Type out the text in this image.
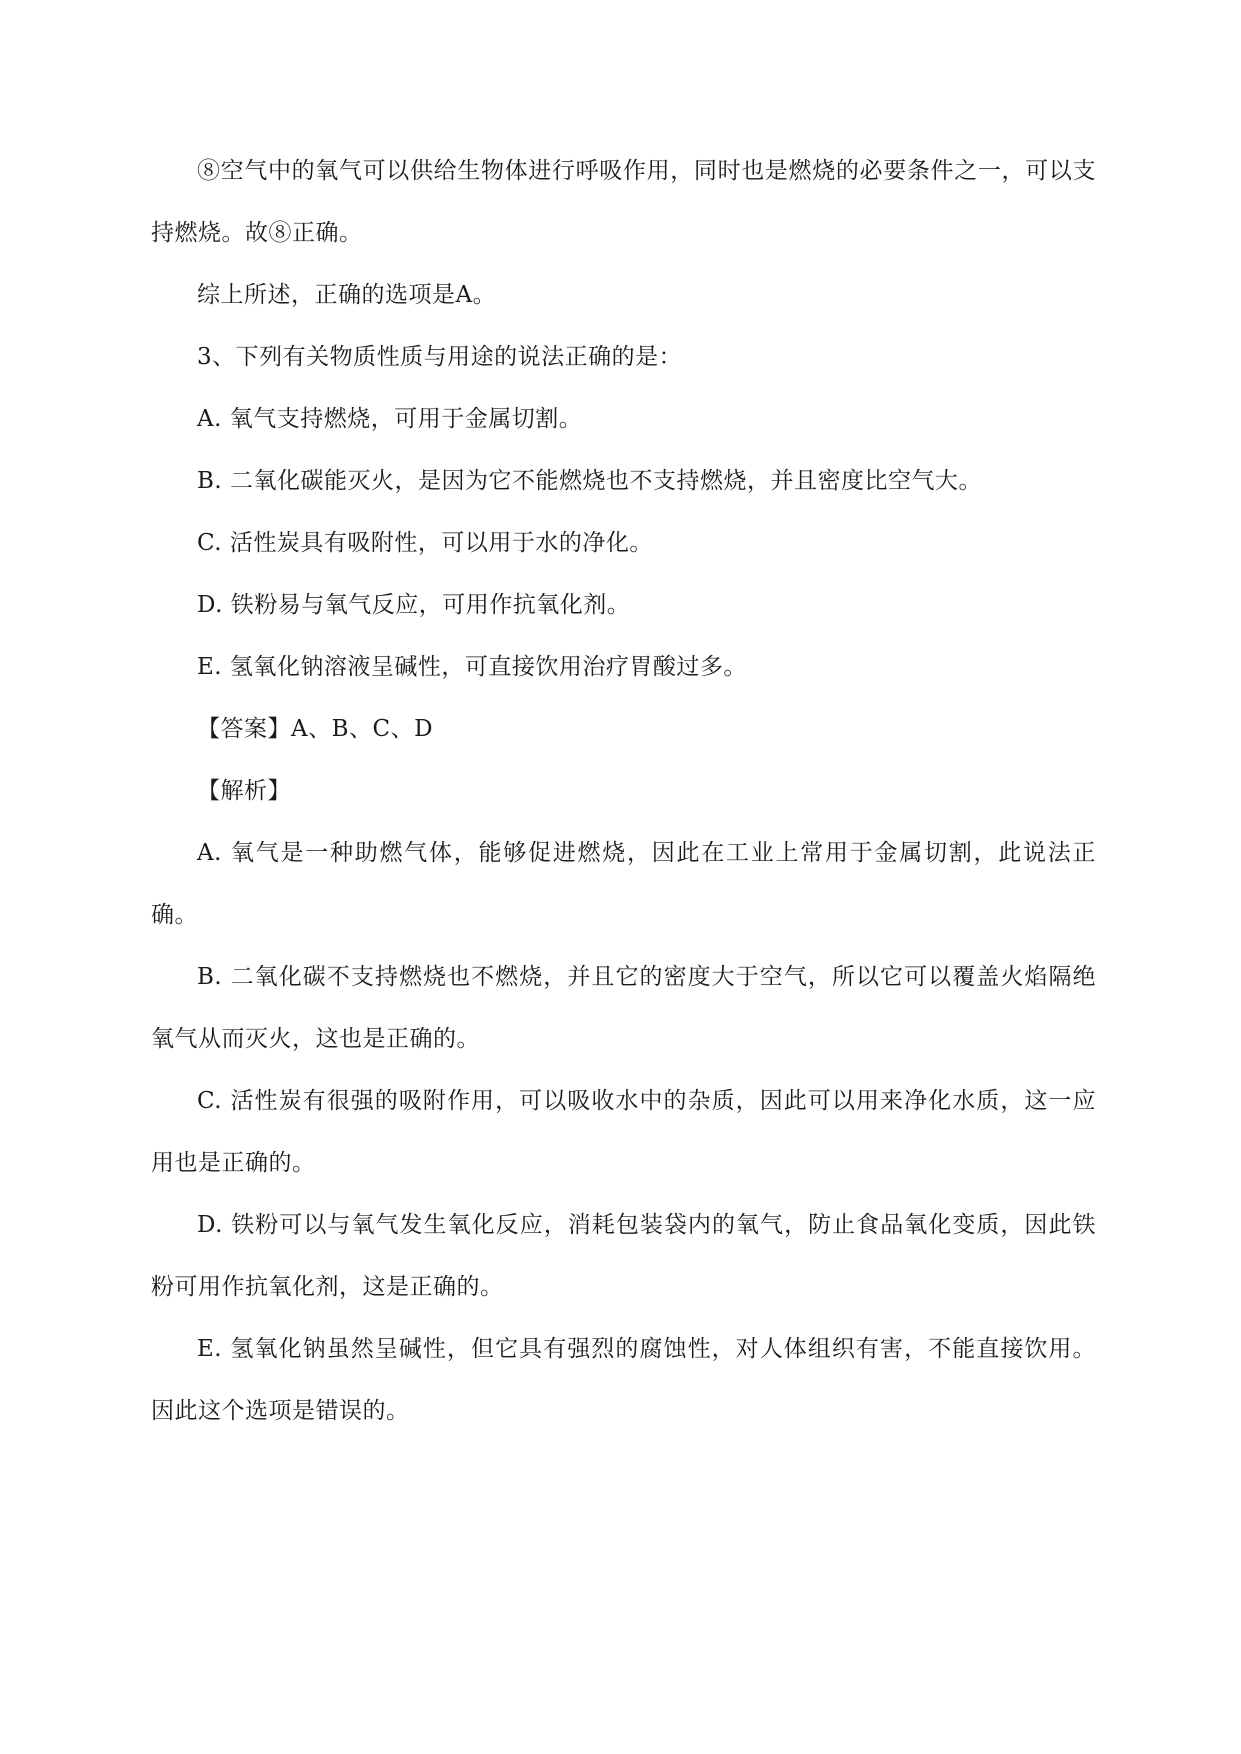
⑧空气中的氧气可以供给生物体进行呼吸作用，同时也是燃烧的必要条件之一，可以支持燃烧。故⑧正确。

综上所述，正确的选项是A。

3、下列有关物质性质与用途的说法正确的是：

A. 氧气支持燃烧，可用于金属切割。

B. 二氧化碳能灭火，是因为它不能燃烧也不支持燃烧，并且密度比空气大。

C. 活性炭具有吸附性，可以用于水的净化。

D. 铁粉易与氧气反应，可用作抗氧化剂。

E. 氢氧化钠溶液呈碱性，可直接饮用治疗胃酸过多。

【答案】A、B、C、D

【解析】

A. 氧气是一种助燃气体，能够促进燃烧，因此在工业上常用于金属切割，此说法正确。

B. 二氧化碳不支持燃烧也不燃烧，并且它的密度大于空气，所以它可以覆盖火焰隔绝氧气从而灭火，这也是正确的。

C. 活性炭有很强的吸附作用，可以吸收水中的杂质，因此可以用来净化水质，这一应用也是正确的。

D. 铁粉可以与氧气发生氧化反应，消耗包装袋内的氧气，防止食品氧化变质，因此铁粉可用作抗氧化剂，这是正确的。

E. 氢氧化钠虽然呈碱性，但它具有强烈的腐蚀性，对人体组织有害，不能直接饮用。因此这个选项是错误的。
